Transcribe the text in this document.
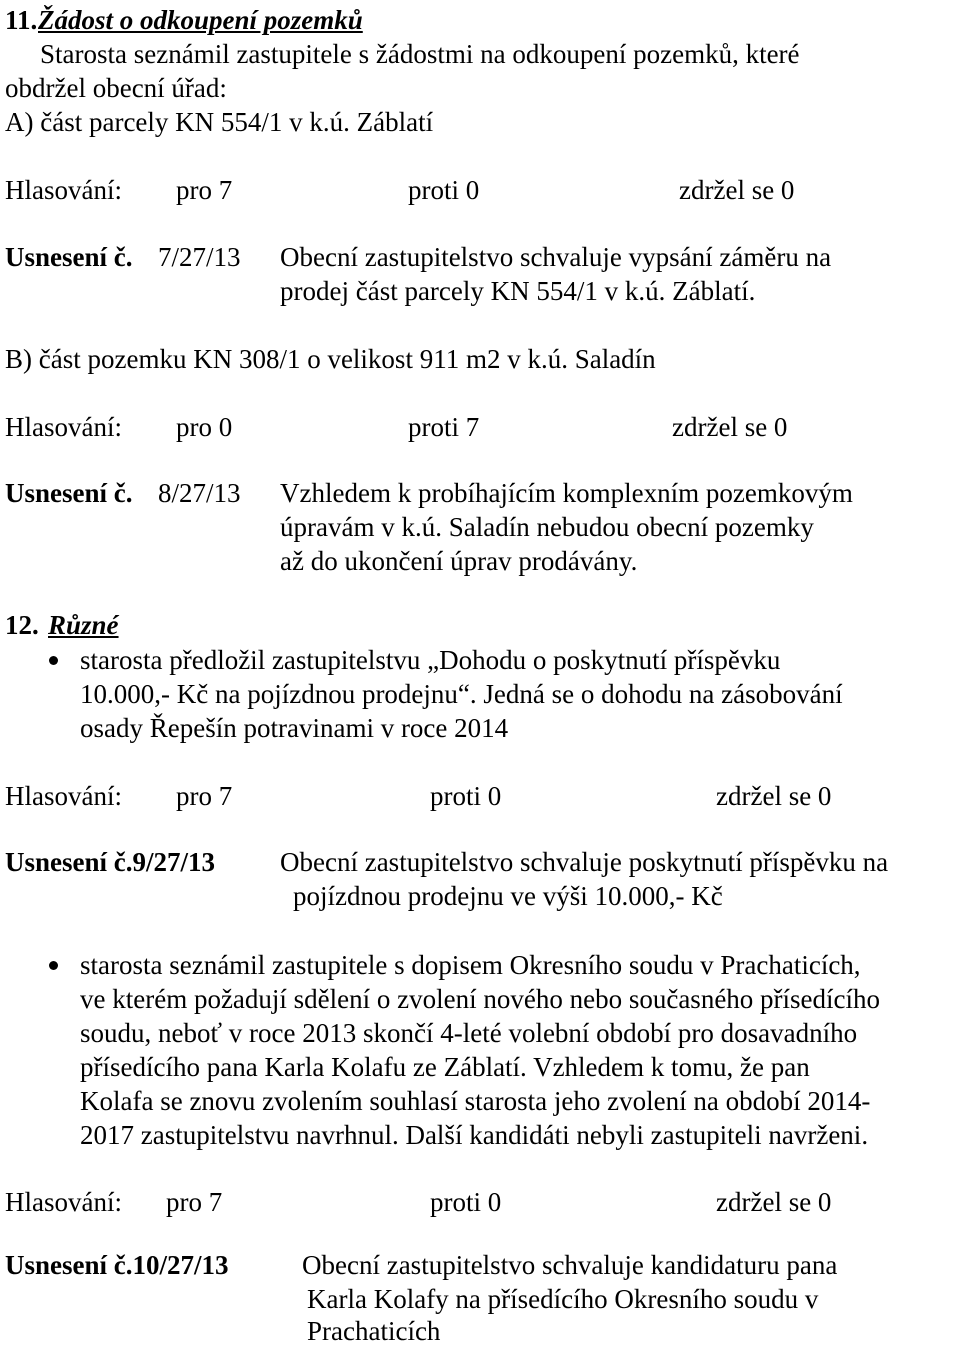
11. Žádost o odkoupení pozemků
Starosta seznámil zastupitele s žádostmi na odkoupení pozemků, které
obdržel obecní úřad:
A) část parcely KN 554/1 v k.ú. Záblatí
Hlasování: pro 7	proti 0	zdržel se 0
Usnesení č. 7/27/13 Obecní zastupitelstvo schvaluje vypsání záměru na
prodej část parcely KN 554/1 v k.ú. Záblatí.
B) část pozemku KN 308/1 o velikost 911 m2 v k.ú. Saladín
Hlasování: pro 0	proti 7	zdržel se 0
Usnesení č. 8/27/13 Vzhledem k probíhajícím komplexním pozemkovým
úpravám v k.ú. Saladín nebudou obecní pozemky
až do ukončení úprav prodávány.
12. Různé
starosta předložil zastupitelstvu „Dohodu o poskytnutí příspěvku
10.000,- Kč na pojízdnou prodejnu“. Jedná se o dohodu na zásobování
osady Řepešín potravinami v roce 2014
Hlasování: pro 7	proti 0	zdržel se 0
Usnesení č.9/27/13 Obecní zastupitelstvo schvaluje poskytnutí příspěvku na
pojízdnou prodejnu ve výši 10.000,- Kč
starosta seznámil zastupitele s dopisem Okresního soudu v Prachaticích,
ve kterém požadují sdělení o zvolení nového nebo současného přísedícího
soudu, neboť v roce 2013 skončí 4-leté volební období pro dosavadního
přísedícího pana Karla Kolafu ze Záblatí. Vzhledem k tomu, že pan
Kolafa se znovu zvolením souhlasí starosta jeho zvolení na období 2014-
2017 zastupitelstvu navrhnul. Další kandidáti nebyli zastupiteli navrženi.
Hlasování: pro 7	proti 0	zdržel se 0
Usnesení č.10/27/13	Obecní zastupitelstvo schvaluje kandidaturu pana
Karla Kolafy na přísedícího Okresního soudu v
Prachaticích
